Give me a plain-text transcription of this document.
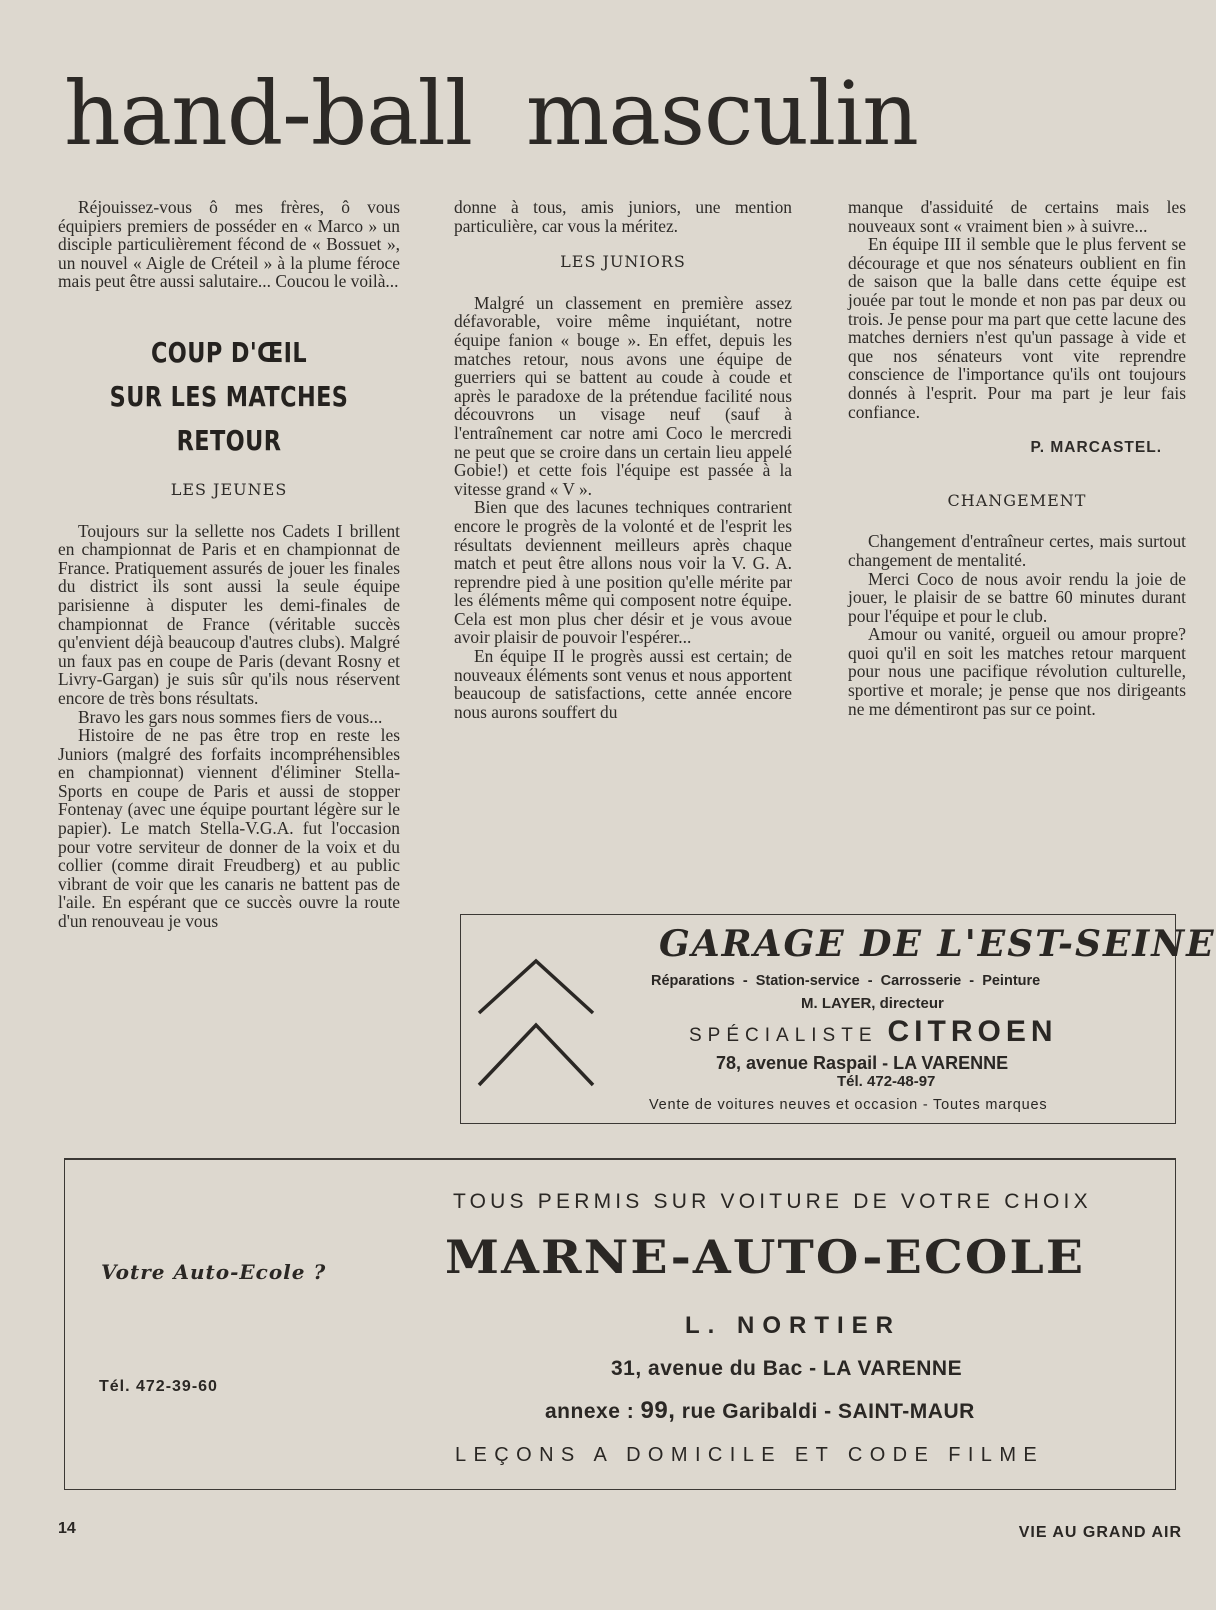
hand-ball  masculin

Réjouissez-vous ô mes frères, ô vous équipiers premiers de posséder en « Marco » un disciple particulièrement fécond de « Bossuet », un nouvel « Aigle de Créteil » à la plume féroce mais peut être aussi salutaire... Coucou le voilà...

COUP D'ŒIL
SUR LES MATCHES
RETOUR

LES JEUNES

Toujours sur la sellette nos Cadets I brillent en championnat de Paris et en championnat de France. Pratiquement assurés de jouer les finales du district ils sont aussi la seule équipe parisienne à disputer les demi-finales de championnat de France (véritable succès qu'envient déjà beaucoup d'autres clubs). Malgré un faux pas en coupe de Paris (devant Rosny et Livry-Gargan) je suis sûr qu'ils nous réservent encore de très bons résultats.

Bravo les gars nous sommes fiers de vous...

Histoire de ne pas être trop en reste les Juniors (malgré des forfaits incompréhensibles en championnat) viennent d'éliminer Stella-Sports en coupe de Paris et aussi de stopper Fontenay (avec une équipe pourtant légère sur le papier). Le match Stella-V.G.A. fut l'occasion pour votre serviteur de donner de la voix et du collier (comme dirait Freudberg) et au public vibrant de voir que les canaris ne battent pas de l'aile. En espérant que ce succès ouvre la route d'un renouveau je vous

donne à tous, amis juniors, une mention particulière, car vous la méritez.

LES JUNIORS

Malgré un classement en première assez défavorable, voire même inquiétant, notre équipe fanion « bouge ». En effet, depuis les matches retour, nous avons une équipe de guerriers qui se battent au coude à coude et après le paradoxe de la prétendue facilité nous découvrons un visage neuf (sauf à l'entraînement car notre ami Coco le mercredi ne peut que se croire dans un certain lieu appelé Gobie!) et cette fois l'équipe est passée à la vitesse grand « V ».

Bien que des lacunes techniques contrarient encore le progrès de la volonté et de l'esprit les résultats deviennent meilleurs après chaque match et peut être allons nous voir la V. G. A. reprendre pied à une position qu'elle mérite par les éléments même qui composent notre équipe. Cela est mon plus cher désir et je vous avoue avoir plaisir de pouvoir l'espérer...

En équipe II le progrès aussi est certain; de nouveaux éléments sont venus et nous apportent beaucoup de satisfactions, cette année encore nous aurons souffert du

manque d'assiduité de certains mais les nouveaux sont « vraiment bien » à suivre...

En équipe III il semble que le plus fervent se décourage et que nos sénateurs oublient en fin de saison que la balle dans cette équipe est jouée par tout le monde et non pas par deux ou trois. Je pense pour ma part que cette lacune des matches derniers n'est qu'un passage à vide et que nos sénateurs vont vite reprendre conscience de l'importance qu'ils ont toujours donnés à l'esprit. Pour ma part je leur fais confiance.

P. MARCASTEL.

CHANGEMENT

Changement d'entraîneur certes, mais surtout changement de mentalité.

Merci Coco de nous avoir rendu la joie de jouer, le plaisir de se battre 60 minutes durant pour l'équipe et pour le club.

Amour ou vanité, orgueil ou amour propre? quoi qu'il en soit les matches retour marquent pour nous une pacifique révolution culturelle, sportive et morale; je pense que nos dirigeants ne me démentiront pas sur ce point.

GARAGE DE L'EST-SEINE
Réparations  -  Station-service  -  Carrosserie  -  Peinture
M. LAYER, directeur
SPÉCIALISTE CITROEN
78, avenue Raspail - LA VARENNE
Tél. 472-48-97
Vente de voitures neuves et occasion - Toutes marques
Votre Auto-Ecole ?
Tél. 472-39-60
TOUS PERMIS SUR VOITURE DE VOTRE CHOIX
MARNE-AUTO-ECOLE
L. NORTIER
31, avenue du Bac - LA VARENNE
annexe : 99, rue Garibaldi - SAINT-MAUR
LEÇONS A DOMICILE ET CODE FILME
14	VIE AU GRAND AIR
